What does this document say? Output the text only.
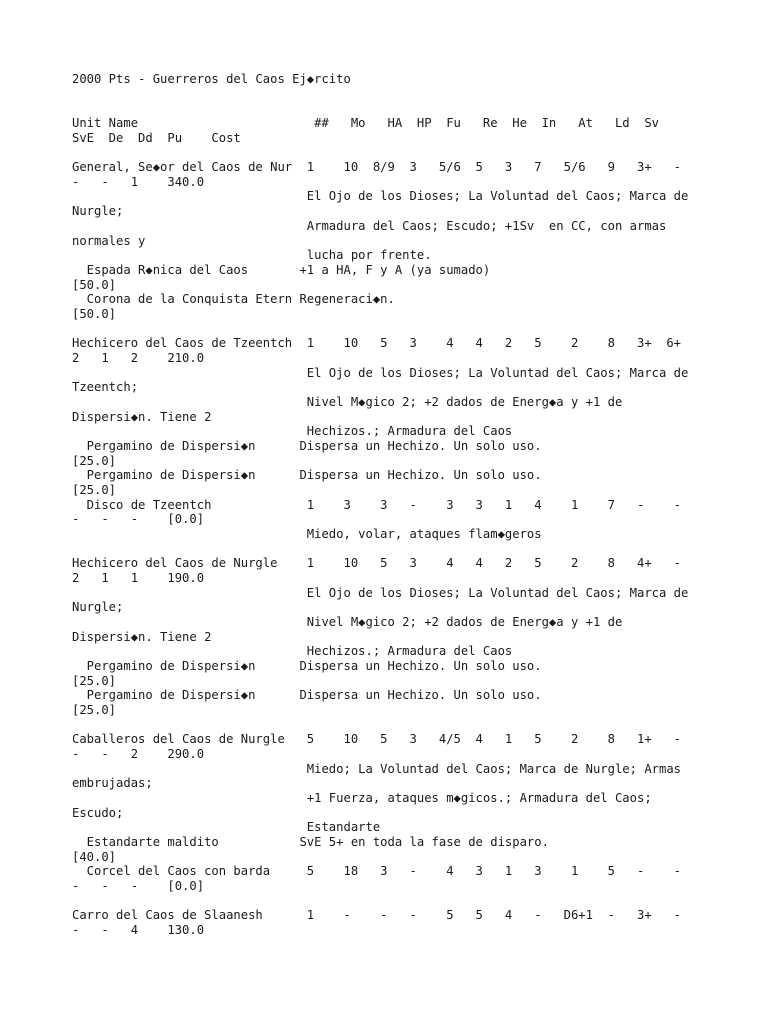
2000 Pts - Guerreros del Caos Ej◆rcito
Unit Name                        ##   Mo   HA  HP  Fu   Re  He  In   At   Ld  Sv
SvE  De  Dd  Pu    Cost
General, Se◆or del Caos de Nur  1    10  8/9  3   5/6  5   3   7   5/6   9   3+   -
-   -   1    340.0
El Ojo de los Dioses; La Voluntad del Caos; Marca de
Nurgle;
Armadura del Caos; Escudo; +1Sv  en CC, con armas
normales y
lucha por frente.
Espada R◆nica del Caos       +1 a HA, F y A (ya sumado)
[50.0]
Corona de la Conquista Etern Regeneraci◆n.
[50.0]
Hechicero del Caos de Tzeentch  1    10   5   3    4   4   2   5    2    8   3+  6+
2   1   2    210.0
El Ojo de los Dioses; La Voluntad del Caos; Marca de
Tzeentch;
Nivel M◆gico 2; +2 dados de Energ◆a y +1 de
Dispersi◆n. Tiene 2
Hechizos.; Armadura del Caos
Pergamino de Dispersi◆n      Dispersa un Hechizo. Un solo uso.
[25.0]
Pergamino de Dispersi◆n      Dispersa un Hechizo. Un solo uso.
[25.0]
Disco de Tzeentch             1    3    3   -    3   3   1   4    1    7   -    -
-   -   -    [0.0]
Miedo, volar, ataques flam◆geros
Hechicero del Caos de Nurgle    1    10   5   3    4   4   2   5    2    8   4+   -
2   1   1    190.0
El Ojo de los Dioses; La Voluntad del Caos; Marca de
Nurgle;
Nivel M◆gico 2; +2 dados de Energ◆a y +1 de
Dispersi◆n. Tiene 2
Hechizos.; Armadura del Caos
Pergamino de Dispersi◆n      Dispersa un Hechizo. Un solo uso.
[25.0]
Pergamino de Dispersi◆n      Dispersa un Hechizo. Un solo uso.
[25.0]
Caballeros del Caos de Nurgle   5    10   5   3   4/5  4   1   5    2    8   1+   -
-   -   2    290.0
Miedo; La Voluntad del Caos; Marca de Nurgle; Armas
embrujadas;
+1 Fuerza, ataques m◆gicos.; Armadura del Caos;
Escudo;
Estandarte
Estandarte maldito           SvE 5+ en toda la fase de disparo.
[40.0]
Corcel del Caos con barda     5    18   3   -    4   3   1   3    1    5   -    -
-   -   -    [0.0]
Carro del Caos de Slaanesh      1    -    -   -    5   5   4   -   D6+1  -   3+   -
-   -   4    130.0
